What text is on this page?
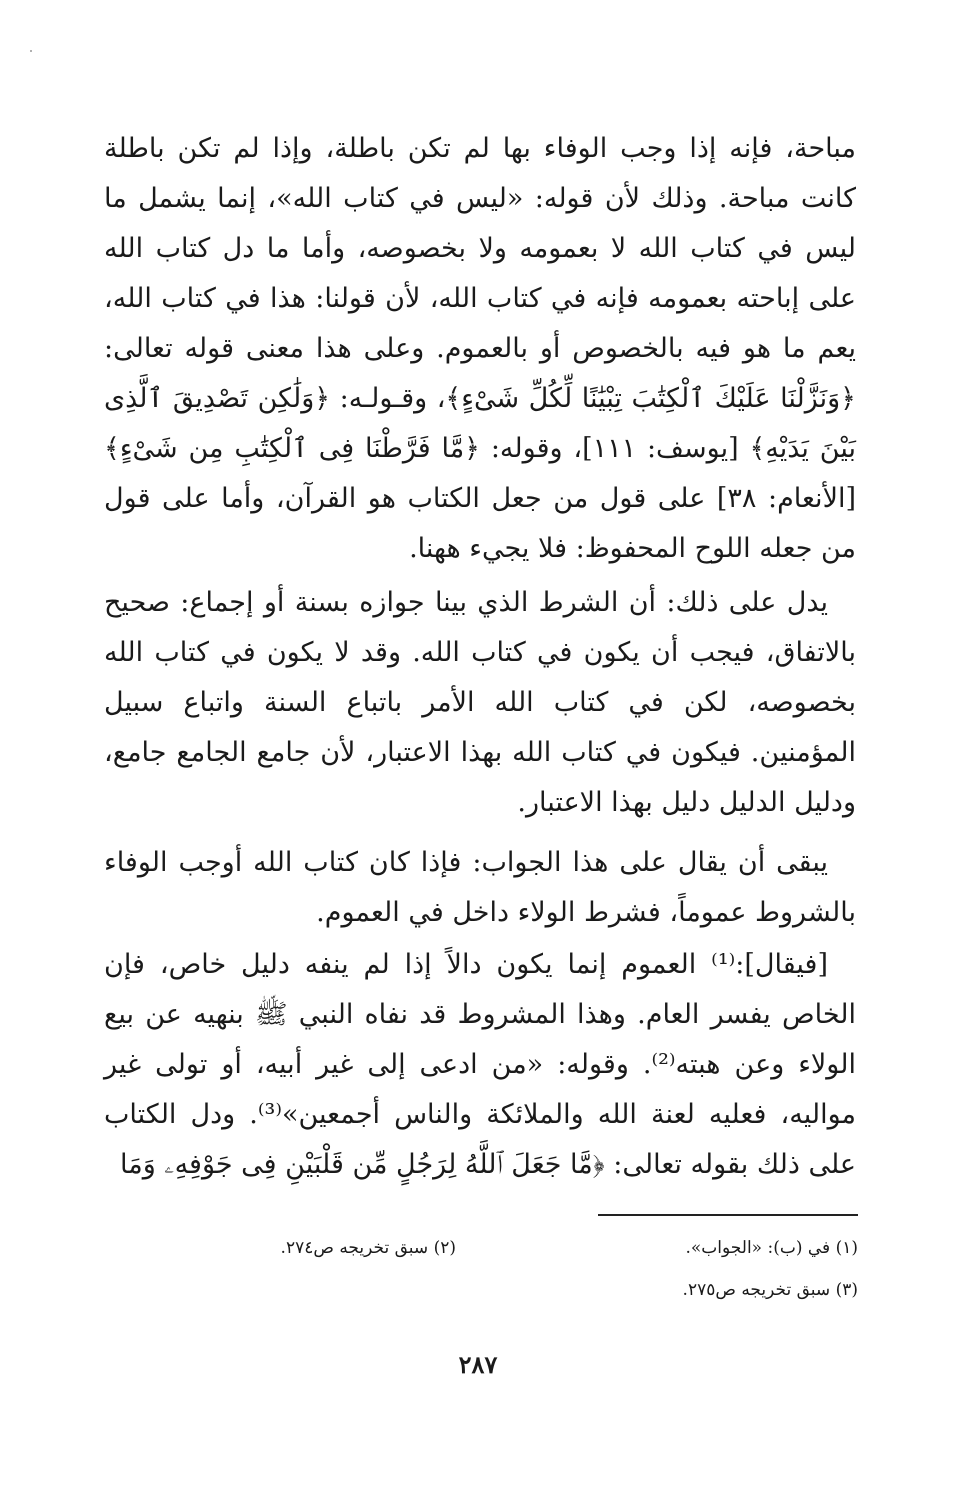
مباحة، فإنه إذا وجب الوفاء بها لم تكن باطلة، وإذا لم تكن باطلة كانت مباحة. وذلك لأن قوله: «ليس في كتاب الله»، إنما يشمل ما ليس في كتاب الله لا بعمومه ولا بخصوصه، وأما ما دل كتاب الله على إباحته بعمومه فإنه في كتاب الله، لأن قولنا: هذا في كتاب الله، يعم ما هو فيه بالخصوص أو بالعموم. وعلى هذا معنى قوله تعالى: ﴿وَنَزَّلْنَا عَلَيْكَ ٱلْكِتَٰبَ تِبْيَٰنًا لِّكُلِّ شَىْءٍ﴾، وقـولـه: ﴿وَلَٰكِن تَصْدِيقَ ٱلَّذِى بَيْنَ يَدَيْهِ﴾ [يوسف: ١١١]، وقوله: ﴿مَّا فَرَّطْنَا فِى ٱلْكِتَٰبِ مِن شَىْءٍ﴾ [الأنعام: ٣٨] على قول من جعل الكتاب هو القرآن، وأما على قول من جعله اللوح المحفوظ: فلا يجيء ههنا.

يدل على ذلك: أن الشرط الذي بينا جوازه بسنة أو إجماع: صحيح بالاتفاق، فيجب أن يكون في كتاب الله. وقد لا يكون في كتاب الله بخصوصه، لكن في كتاب الله الأمر باتباع السنة واتباع سبيل المؤمنين. فيكون في كتاب الله بهذا الاعتبار، لأن جامع الجامع جامع، ودليل الدليل دليل بهذا الاعتبار.

يبقى أن يقال على هذا الجواب: فإذا كان كتاب الله أوجب الوفاء بالشروط عموماً، فشرط الولاء داخل في العموم.

[فيقال]:⁽¹⁾ العموم إنما يكون دالاً إذا لم ينفه دليل خاص، فإن الخاص يفسر العام. وهذا المشروط قد نفاه النبي ﷺ بنهيه عن بيع الولاء وعن هبته⁽²⁾. وقوله: «من ادعى إلى غير أبيه، أو تولى غير مواليه، فعليه لعنة الله والملائكة والناس أجمعين»⁽³⁾. ودل الكتاب على ذلك بقوله تعالى: ﴿مَّا جَعَلَ ٱللَّهُ لِرَجُلٍ مِّن قَلْبَيْنِ فِى جَوْفِهِۦ وَمَا

(١) في (ب): «الجواب».
(٢) سبق تخريجه ص٢٧٤.
(٣) سبق تخريجه ص٢٧٥.
٢٨٧
